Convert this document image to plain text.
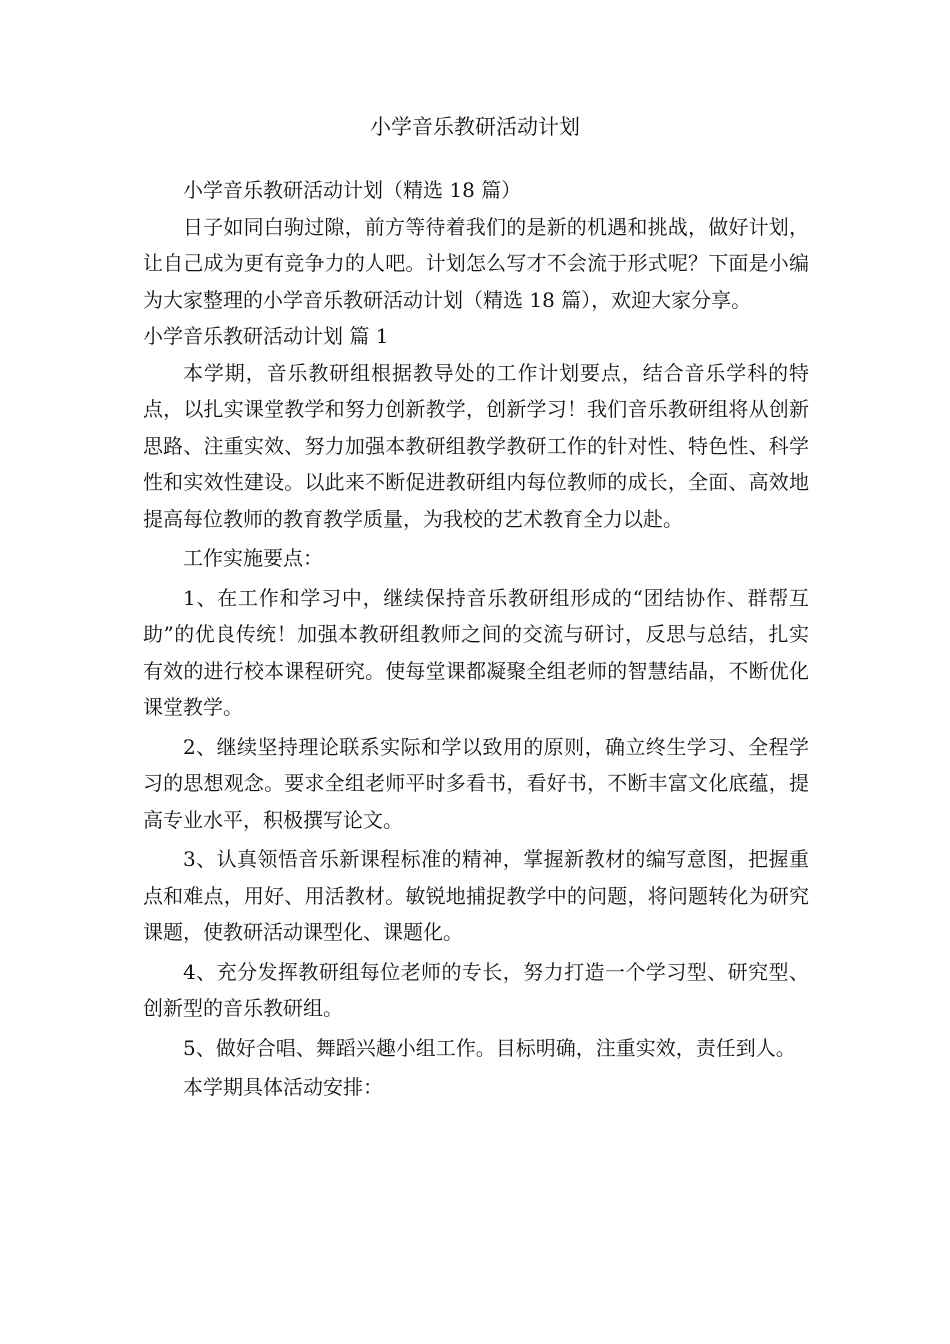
小学音乐教研活动计划

小学音乐教研活动计划（精选 18 篇）

日子如同白驹过隙，前方等待着我们的是新的机遇和挑战，做好计划，让自己成为更有竞争力的人吧。计划怎么写才不会流于形式呢？下面是小编为大家整理的小学音乐教研活动计划（精选 18 篇），欢迎大家分享。

小学音乐教研活动计划 篇 1

本学期，音乐教研组根据教导处的工作计划要点，结合音乐学科的特点，以扎实课堂教学和努力创新教学，创新学习！我们音乐教研组将从创新思路、注重实效、努力加强本教研组教学教研工作的针对性、特色性、科学性和实效性建设。以此来不断促进教研组内每位教师的成长，全面、高效地提高每位教师的教育教学质量，为我校的艺术教育全力以赴。

工作实施要点：

1、在工作和学习中，继续保持音乐教研组形成的“团结协作、群帮互助”的优良传统！加强本教研组教师之间的交流与研讨，反思与总结，扎实有效的进行校本课程研究。使每堂课都凝聚全组老师的智慧结晶，不断优化课堂教学。

2、继续坚持理论联系实际和学以致用的原则，确立终生学习、全程学习的思想观念。要求全组老师平时多看书，看好书，不断丰富文化底蕴，提高专业水平，积极撰写论文。

3、认真领悟音乐新课程标准的精神，掌握新教材的编写意图，把握重点和难点，用好、用活教材。敏锐地捕捉教学中的问题，将问题转化为研究课题，使教研活动课型化、课题化。

4、充分发挥教研组每位老师的专长，努力打造一个学习型、研究型、创新型的音乐教研组。

5、做好合唱、舞蹈兴趣小组工作。目标明确，注重实效，责任到人。

本学期具体活动安排：
